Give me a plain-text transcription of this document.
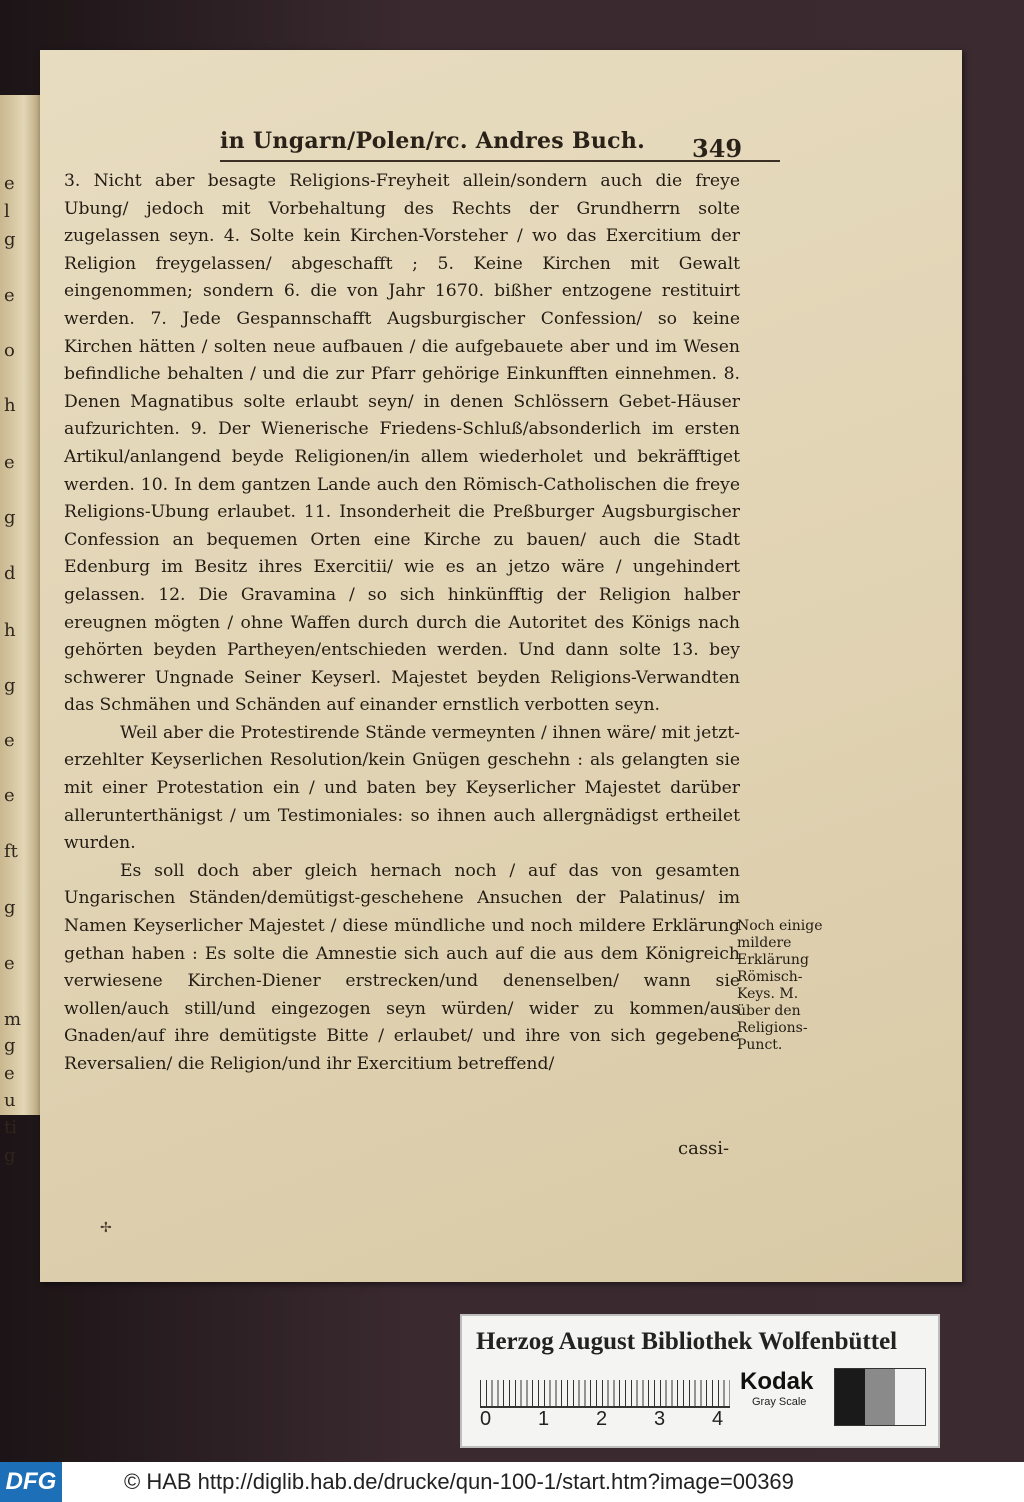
e
l
g
e
o
h
e
g
d
h
g
e
e
ft
g
e
m
g
e
u
ti
g
in Ungarn/Polen/rc. Andres Buch. 349

3. Nicht aber besagte Religions-Freyheit allein/sondern auch die freye Ubung/ jedoch mit Vorbehaltung des Rechts der Grundherrn solte zugelassen seyn. 4. Solte kein Kirchen-Vorsteher / wo das Exercitium der Religion freygelassen/ abgeschafft ; 5. Keine Kirchen mit Gewalt eingenommen; sondern 6. die von Jahr 1670. bißher entzogene restituirt werden. 7. Jede Gespannschafft Augsburgischer Confession/ so keine Kirchen hätten / solten neue aufbauen / die aufgebauete aber und im Wesen befindliche behalten / und die zur Pfarr gehörige Einkunfften einnehmen. 8. Denen Magnatibus solte erlaubt seyn/ in denen Schlössern Gebet-Häuser aufzurichten. 9. Der Wienerische Friedens-Schluß/absonderlich im ersten Artikul/anlangend beyde Religionen/in allem wiederholet und bekräfftiget werden. 10. In dem gantzen Lande auch den Römisch-Catholischen die freye Religions-Ubung erlaubet. 11. Insonderheit die Preßburger Augsburgischer Confession an bequemen Orten eine Kirche zu bauen/ auch die Stadt Edenburg im Besitz ihres Exercitii/ wie es an jetzo wäre / ungehindert gelassen. 12. Die Gravamina / so sich hinkünfftig der Religion halber ereugnen mögten / ohne Waffen durch durch die Autoritet des Königs nach gehörten beyden Partheyen/entschieden werden. Und dann solte 13. bey schwerer Ungnade Seiner Keyserl. Majestet beyden Religions-Verwandten das Schmähen und Schänden auf einander ernstlich verbotten seyn.

Weil aber die Protestirende Stände vermeynten / ihnen wäre/ mit jetzt-erzehlter Keyserlichen Resolution/kein Gnügen geschehn : als gelangten sie mit einer Protestation ein / und baten bey Keyserlicher Majestet darüber allerunterthänigst / um Testimoniales: so ihnen auch allergnädigst ertheilet wurden.

Es soll doch aber gleich hernach noch / auf das von gesamten Ungarischen Ständen/demütigst-geschehene Ansuchen der Palatinus/ im Namen Keyserlicher Majestet / diese mündliche und noch mildere Erklärung gethan haben : Es solte die Amnestie sich auch auf die aus dem Königreich verwiesene Kirchen-Diener erstrecken/und denenselben/ wann sie wollen/auch still/und eingezogen seyn würden/ wider zu kommen/aus Gnaden/auf ihre demütigste Bitte / erlaubet/ und ihre von sich gegebene Reversalien/ die Religion/und ihr Exercitium betreffend/

Noch einige mildere Erklärung Römisch-Keys. M. über den Religions-Punct.
cassi-
✢
Herzog August Bibliothek Wolfenbüttel
0 1 2 3 4
Kodak
Gray Scale
DFG	© HAB http://diglib.hab.de/drucke/qun-100-1/start.htm?image=00369
